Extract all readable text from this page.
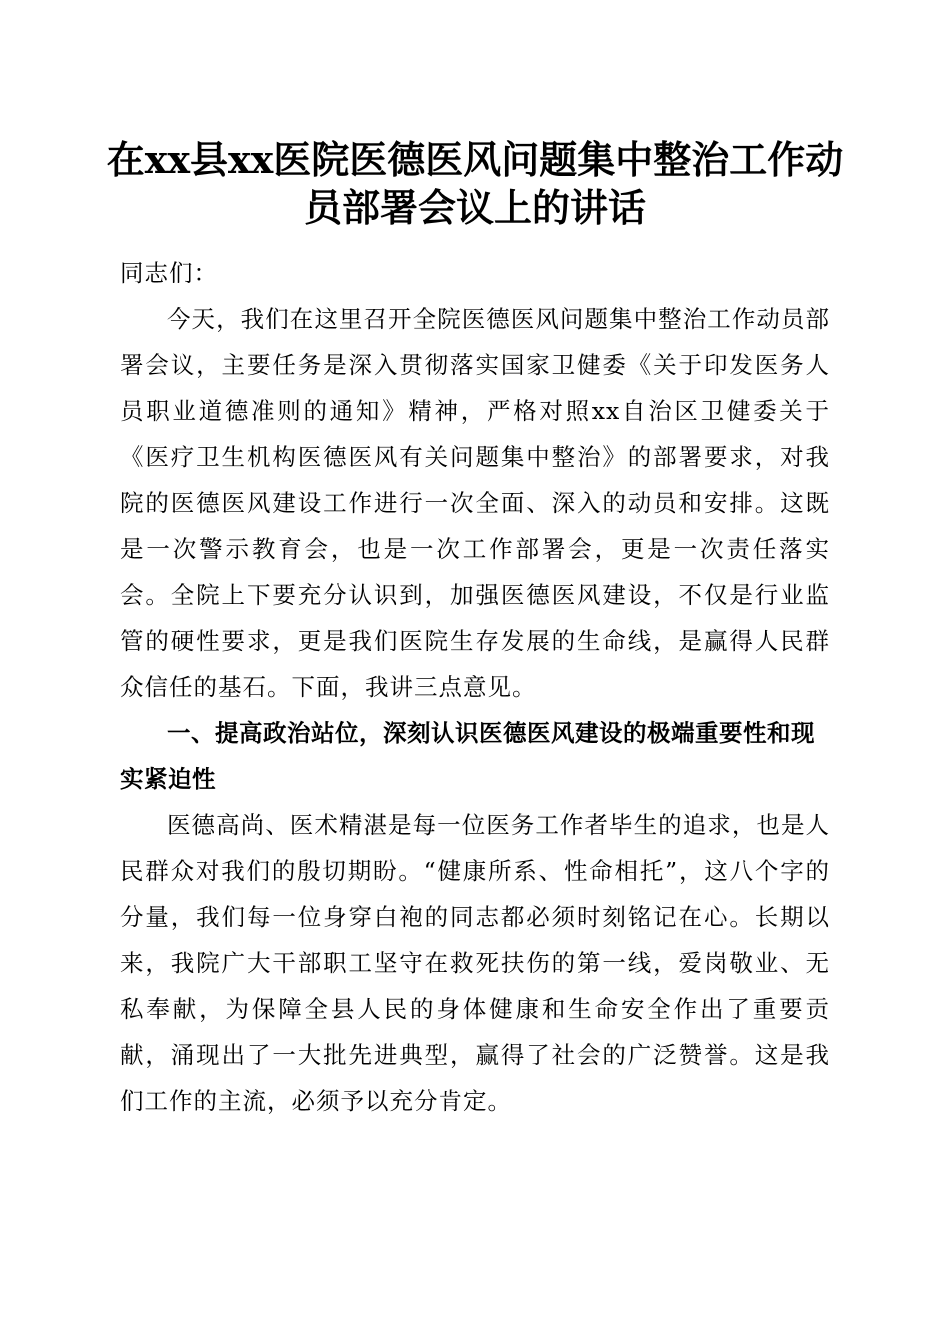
在xx县xx医院医德医风问题集中整治工作动
员部署会议上的讲话

同志们：

今天，我们在这里召开全院医德医风问题集中整治工作动员部署会议，主要任务是深入贯彻落实国家卫健委《关于印发医务人员职业道德准则的通知》精神，严格对照xx自治区卫健委关于《医疗卫生机构医德医风有关问题集中整治》的部署要求，对我院的医德医风建设工作进行一次全面、深入的动员和安排。这既是一次警示教育会，也是一次工作部署会，更是一次责任落实会。全院上下要充分认识到，加强医德医风建设，不仅是行业监管的硬性要求，更是我们医院生存发展的生命线，是赢得人民群众信任的基石。下面，我讲三点意见。

一、提高政治站位，深刻认识医德医风建设的极端重要性和现实紧迫性

医德高尚、医术精湛是每一位医务工作者毕生的追求，也是人民群众对我们的殷切期盼。“健康所系、性命相托”，这八个字的分量，我们每一位身穿白袍的同志都必须时刻铭记在心。长期以来，我院广大干部职工坚守在救死扶伤的第一线，爱岗敬业、无私奉献，为保障全县人民的身体健康和生命安全作出了重要贡献，涌现出了一大批先进典型，赢得了社会的广泛赞誉。这是我们工作的主流，必须予以充分肯定。
